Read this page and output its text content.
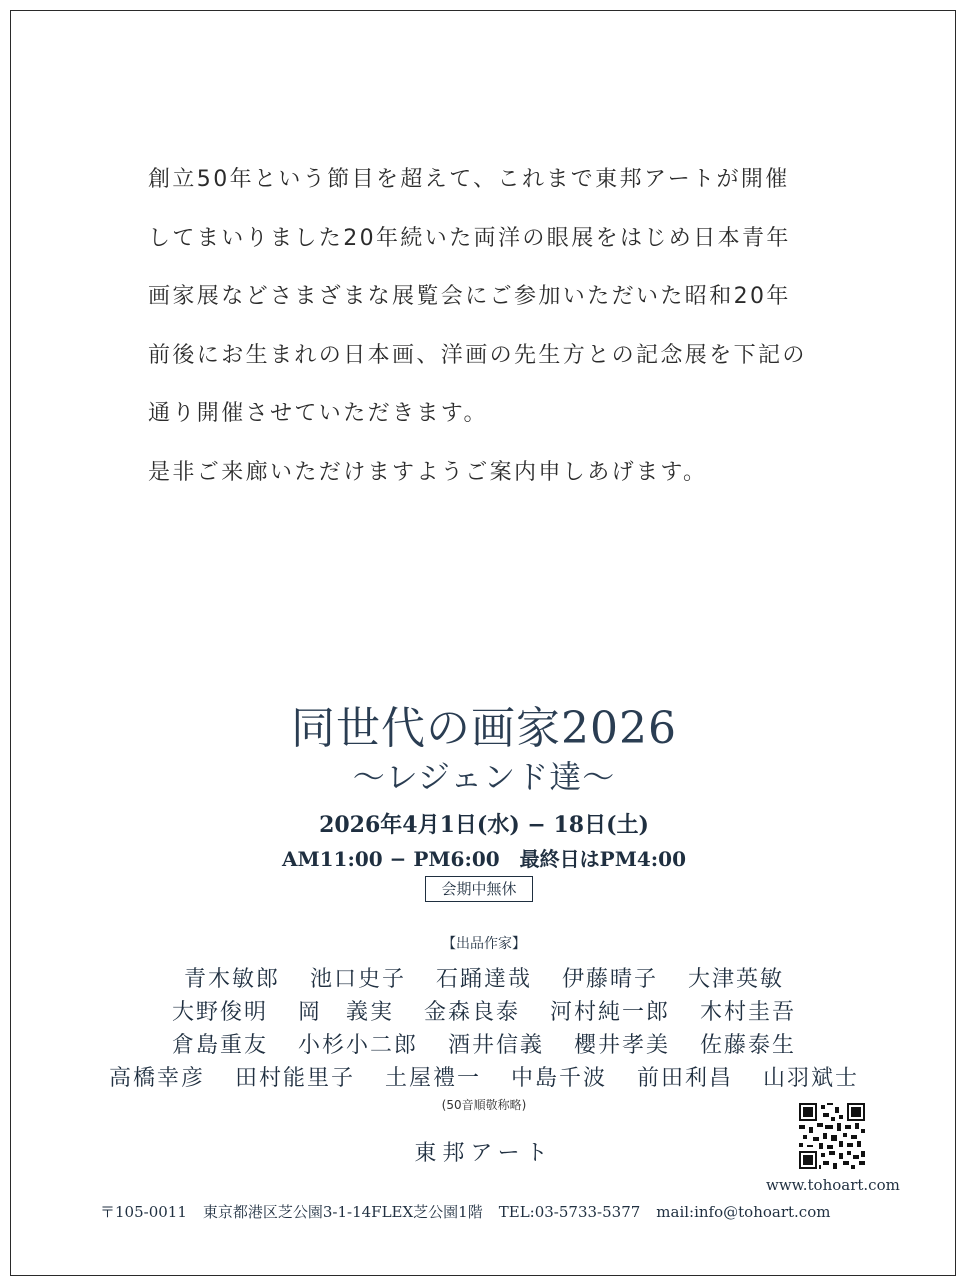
創立50年という節目を超えて、これまで東邦アートが開催
してまいりました20年続いた両洋の眼展をはじめ日本青年
画家展などさまざまな展覧会にご参加いただいた昭和20年
前後にお生まれの日本画、洋画の先生方との記念展を下記の
通り開催させていただきます。
是非ご来廊いただけますようご案内申しあげます。
同世代の画家2026
〜レジェンド達〜
2026年4月1日(水) − 18日(土)
AM11:00 − PM6:00　最終日はPM4:00
会期中無休
【出品作家】
青木敏郎 池口史子 石踊達哉 伊藤晴子 大津英敏
大野俊明 岡　義実 金森良泰 河村純一郎 木村圭吾
倉島重友 小杉小二郎 酒井信義 櫻井孝美 佐藤泰生
高橋幸彦 田村能里子 土屋禮一 中島千波 前田利昌 山羽斌士
(50音順敬称略)
東邦アート
www.tohoart.com
〒105-0011 東京都港区芝公園3-1-14FLEX芝公園1階 TEL:03-5733-5377 mail:info@tohoart.com
